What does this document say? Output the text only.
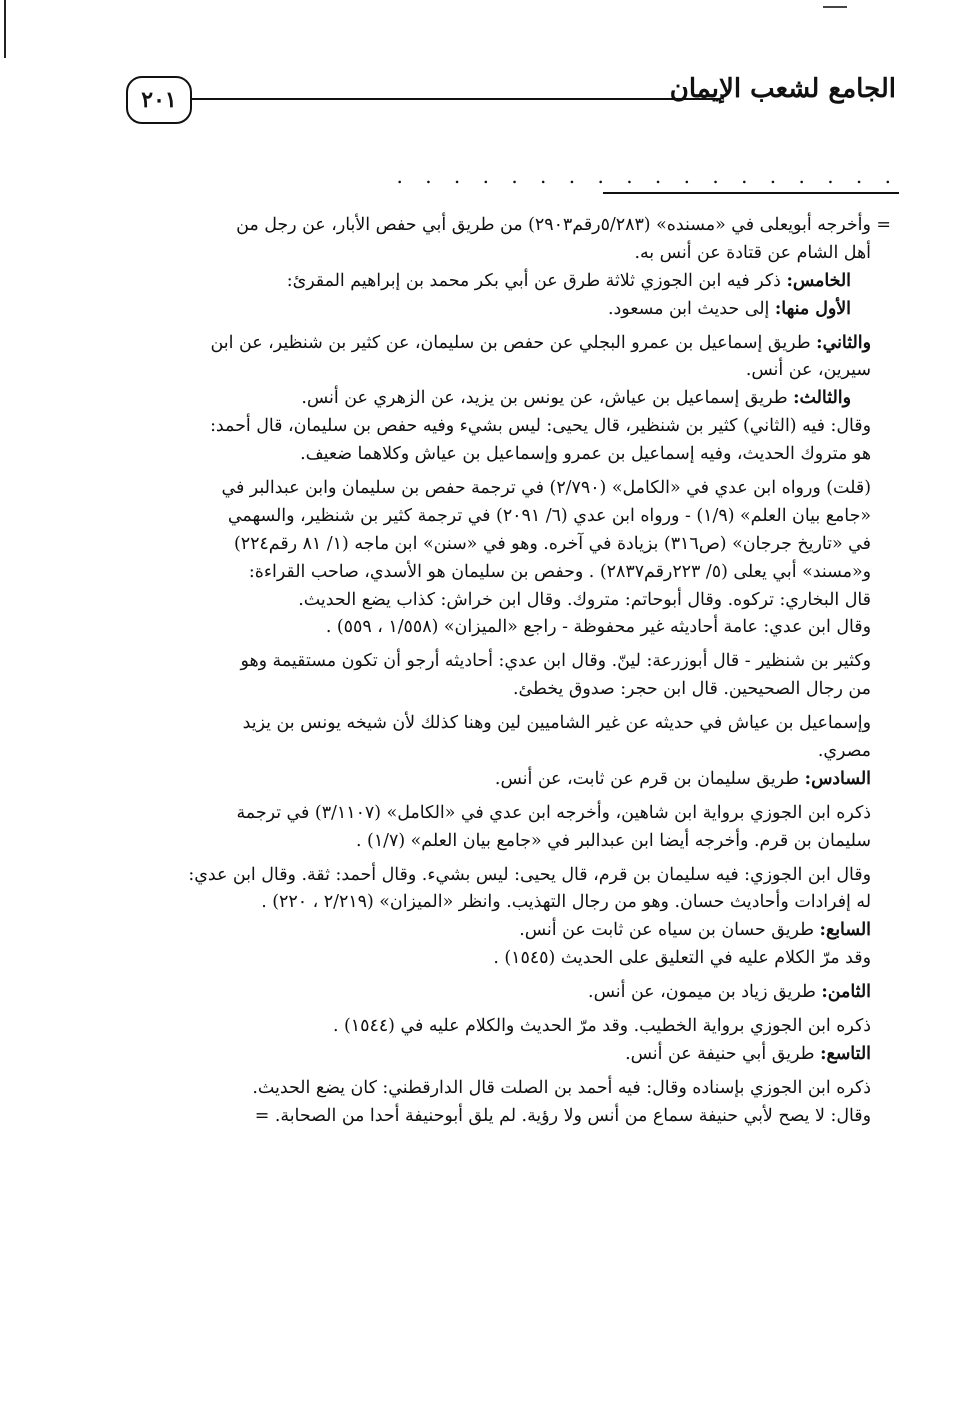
٢٠١	الجامع لشعب الإيمان
. . . . . . . . . . . . . . . . . .
= وأخرجه أبويعلى في «مسنده» (٥/٢٨٣رقم٢٩٠٣) من طريق أبي حفص الأبار، عن رجل من
أهل الشام عن قتادة عن أنس به.
الخامس: ذكر فيه ابن الجوزي ثلاثة طرق عن أبي بكر محمد بن إبراهيم المقرئ:
الأول منها: إلى حديث ابن مسعود.
والثاني: طريق إسماعيل بن عمرو البجلي عن حفص بن سليمان، عن كثير بن شنظير، عن ابن
سيرين، عن أنس.
والثالث: طريق إسماعيل بن عياش، عن يونس بن يزيد، عن الزهري عن أنس.
وقال: فيه (الثاني) كثير بن شنظير، قال يحيى: ليس بشيء وفيه حفص بن سليمان، قال أحمد:
هو متروك الحديث، وفيه إسماعيل بن عمرو وإسماعيل بن عياش وكلاهما ضعيف.
(قلت) ورواه ابن عدي في «الكامل» (٢/٧٩٠) في ترجمة حفص بن سليمان وابن عبدالبر في
«جامع بيان العلم» (١/٩) - ورواه ابن عدي (٦/ ٢٠٩١) في ترجمة كثير بن شنظير، والسهمي
في «تاريخ جرجان» (ص٣١٦) بزيادة في آخره. وهو في «سنن» ابن ماجه (١/ ٨١ رقم٢٢٤)
و«مسند» أبي يعلى (٥/ ٢٢٣رقم٢٨٣٧) . وحفص بن سليمان هو الأسدي، صاحب القراءة:
قال البخاري: تركوه. وقال أبوحاتم: متروك. وقال ابن خراش: كذاب يضع الحديث.
وقال ابن عدي: عامة أحاديثه غير محفوظة - راجع «الميزان» (١/٥٥٨ ، ٥٥٩) .
وكثير بن شنظير - قال أبوزرعة: لينّ. وقال ابن عدي: أحاديثه أرجو أن تكون مستقيمة وهو
من رجال الصحيحين. قال ابن حجر: صدوق يخطئ.
وإسماعيل بن عياش في حديثه عن غير الشاميين لين وهنا كذلك لأن شيخه يونس بن يزيد
مصري.
السادس: طريق سليمان بن قرم عن ثابت، عن أنس.
ذكره ابن الجوزي برواية ابن شاهين، وأخرجه ابن عدي في «الكامل» (٣/١١٠٧) في ترجمة
سليمان بن قرم. وأخرجه أيضا ابن عبدالبر في «جامع بيان العلم» (١/٧) .
وقال ابن الجوزي: فيه سليمان بن قرم، قال يحيى: ليس بشيء. وقال أحمد: ثقة. وقال ابن عدي:
له إفرادات وأحاديث حسان. وهو من رجال التهذيب. وانظر «الميزان» (٢/٢١٩ ، ٢٢٠) .
السابع: طريق حسان بن سياه عن ثابت عن أنس.
وقد مرّ الكلام عليه في التعليق على الحديث (١٥٤٥) .
الثامن: طريق زياد بن ميمون، عن أنس.
ذكره ابن الجوزي برواية الخطيب. وقد مرّ الحديث والكلام عليه في (١٥٤٤) .
التاسع: طريق أبي حنيفة عن أنس.
ذكره ابن الجوزي بإسناده وقال: فيه أحمد بن الصلت قال الدارقطني: كان يضع الحديث.
وقال: لا يصح لأبي حنيفة سماع من أنس ولا رؤية. لم يلق أبوحنيفة أحدا من الصحابة. =
